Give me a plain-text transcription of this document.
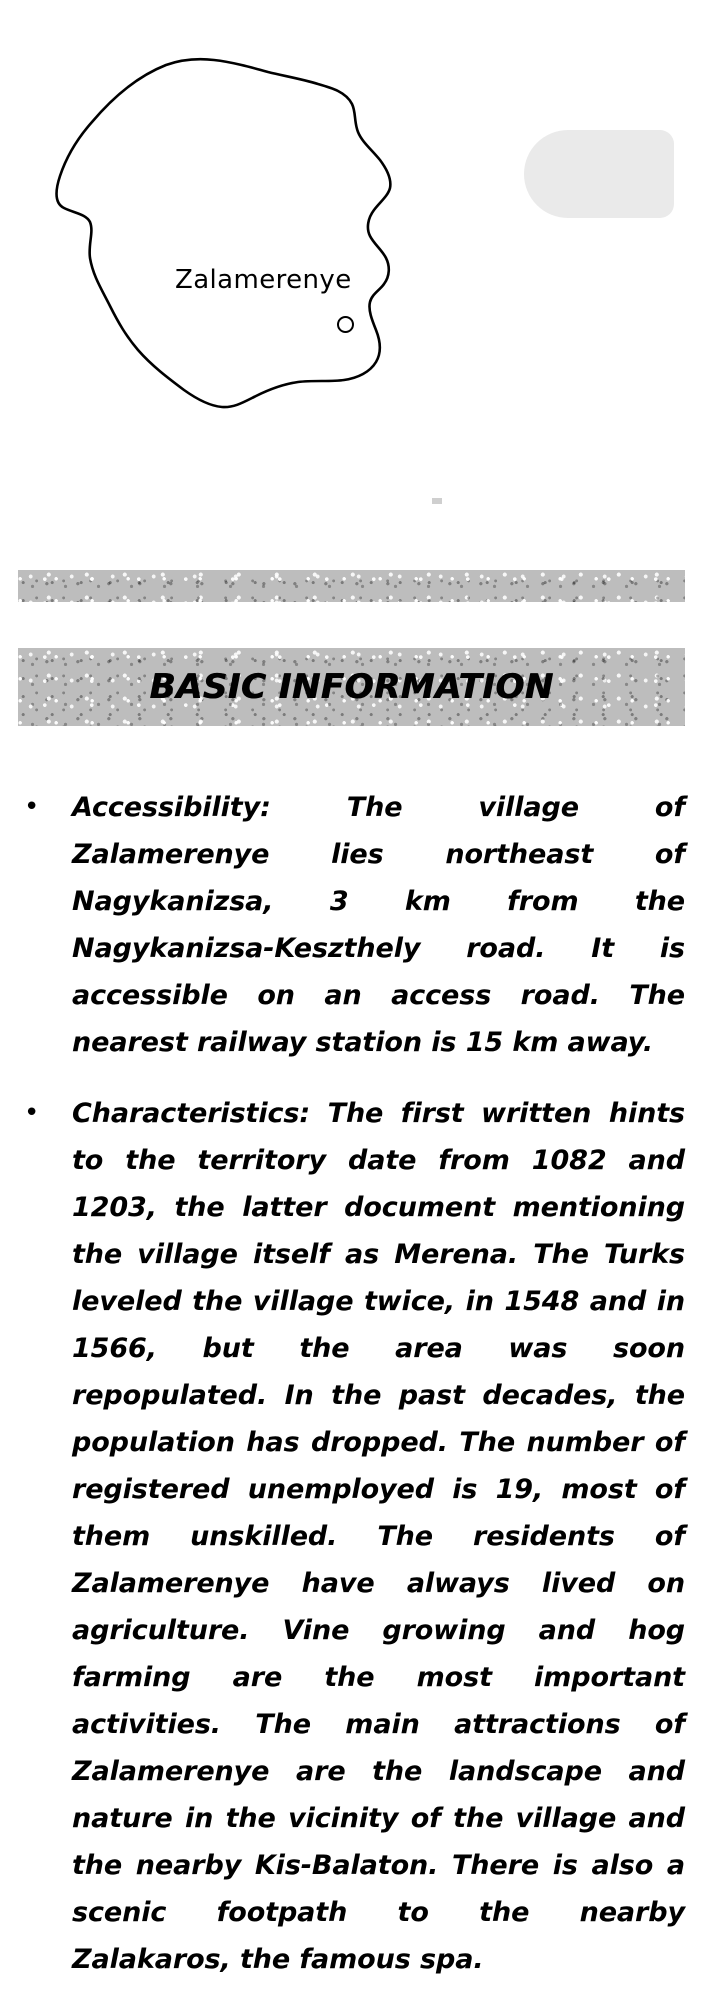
Zalamerenye
BASIC INFORMATION
•	Accessibility: The village of Zalamerenye lies northeast of Nagykanizsa, 3 km from the Nagykanizsa-Keszthely road. It is accessible on an access road. The nearest railway station is 15 km away.
•	Characteristics: The first written hints to the territory date from 1082 and 1203, the latter document mentioning the village itself as Merena. The Turks leveled the village twice, in 1548 and in 1566, but the area was soon repopulated. In the past decades, the population has dropped. The number of registered unemployed is 19, most of them unskilled. The residents of Zalamerenye have always lived on agriculture. Vine growing and hog farming are the most important activities. The main attractions of Zalamerenye are the landscape and nature in the vicinity of the village and the nearby Kis-Balaton. There is also a scenic footpath to the nearby Zalakaros, the famous spa.
